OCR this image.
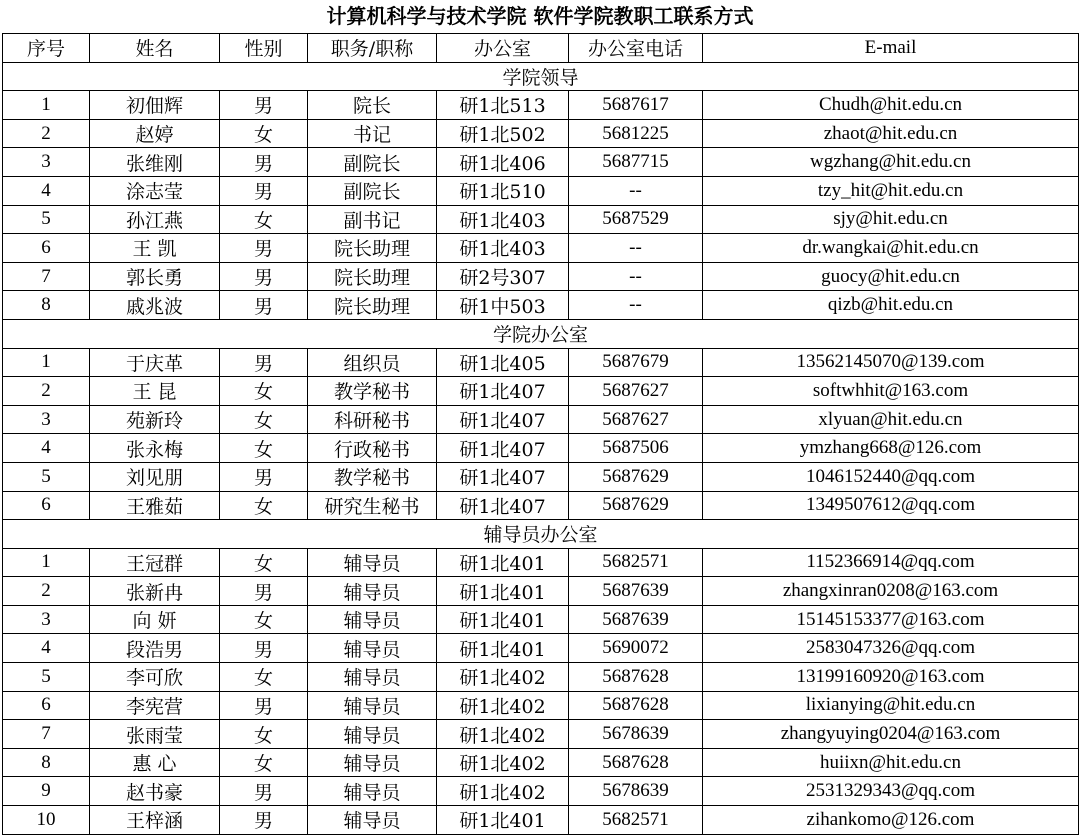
计算机科学与技术学院 软件学院教职工联系方式
序号	姓名	性别	职务/职称	办公室	办公室电话	E-mail
学院领导						
1	初佃辉	男	院长	研1北513	5687617	Chudh@hit.edu.cn
2	赵婷	女	书记	研1北502	5681225	zhaot@hit.edu.cn
3	张维刚	男	副院长	研1北406	5687715	wgzhang@hit.edu.cn
4	涂志莹	男	副院长	研1北510	--	tzy_hit@hit.edu.cn
5	孙江燕	女	副书记	研1北403	5687529	sjy@hit.edu.cn
6	王 凯	男	院长助理	研1北403	--	dr.wangkai@hit.edu.cn
7	郭长勇	男	院长助理	研2号307	--	guocy@hit.edu.cn
8	戚兆波	男	院长助理	研1中503	--	qizb@hit.edu.cn
学院办公室						
1	于庆革	男	组织员	研1北405	5687679	13562145070@139.com
2	王 昆	女	教学秘书	研1北407	5687627	softwhhit@163.com
3	苑新玲	女	科研秘书	研1北407	5687627	xlyuan@hit.edu.cn
4	张永梅	女	行政秘书	研1北407	5687506	ymzhang668@126.com
5	刘见朋	男	教学秘书	研1北407	5687629	1046152440@qq.com
6	王雅茹	女	研究生秘书	研1北407	5687629	1349507612@qq.com
辅导员办公室						
1	王冠群	女	辅导员	研1北401	5682571	1152366914@qq.com
2	张新冉	男	辅导员	研1北401	5687639	zhangxinran0208@163.com
3	向 妍	女	辅导员	研1北401	5687639	15145153377@163.com
4	段浩男	男	辅导员	研1北401	5690072	2583047326@qq.com
5	李可欣	女	辅导员	研1北402	5687628	13199160920@163.com
6	李宪营	男	辅导员	研1北402	5687628	lixianying@hit.edu.cn
7	张雨莹	女	辅导员	研1北402	5678639	zhangyuying0204@163.com
8	惠 心	女	辅导员	研1北402	5687628	huiixn@hit.edu.cn
9	赵书豪	男	辅导员	研1北402	5678639	2531329343@qq.com
10	王梓涵	男	辅导员	研1北401	5682571	zihankomo@126.com
